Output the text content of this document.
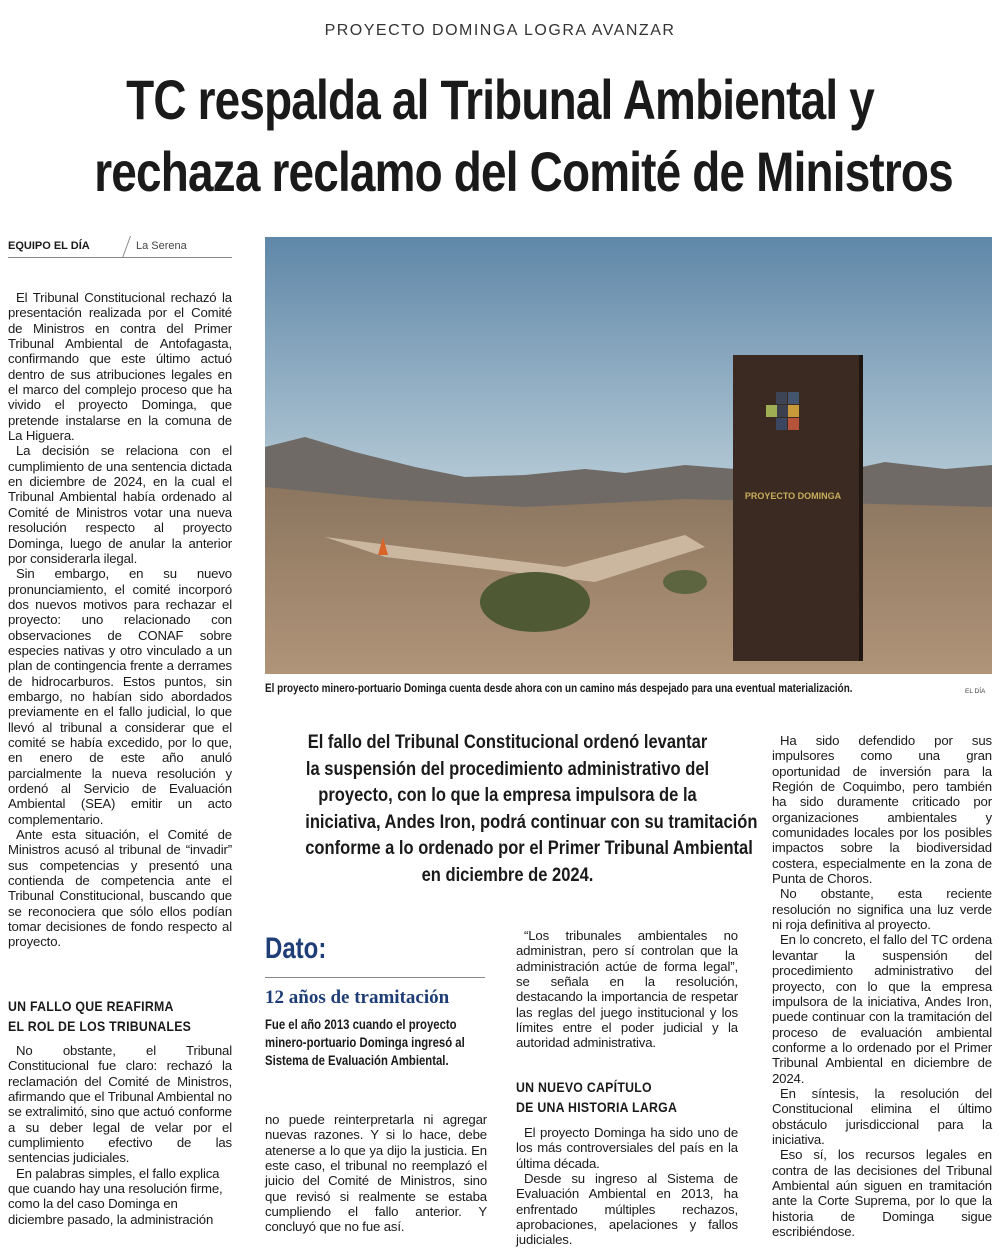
PROYECTO DOMINGA LOGRA AVANZAR
TC respalda al Tribunal Ambiental y
rechaza reclamo del Comité de Ministros
EQUIPO EL DÍA	La Serena

El Tribunal Constitucional rechazó la presentación realizada por el Comité de Ministros en contra del Primer Tribunal Ambiental de Antofagasta, confirmando que este último actuó dentro de sus atribuciones legales en el marco del complejo proceso que ha vivido el proyecto Dominga, que pretende instalarse en la comuna de La Higuera.

La decisión se relaciona con el cumplimiento de una sentencia dictada en diciembre de 2024, en la cual el Tribunal Ambiental había ordenado al Comité de Ministros votar una nueva resolución respecto al proyecto Dominga, luego de anular la anterior por considerarla ilegal.

Sin embargo, en su nuevo pronunciamiento, el comité incorporó dos nuevos motivos para rechazar el proyecto: uno relacionado con observaciones de CONAF sobre especies nativas y otro vinculado a un plan de contingencia frente a derrames de hidrocarburos. Estos puntos, sin embargo, no habían sido abordados previamente en el fallo judicial, lo que llevó al tribunal a considerar que el comité se había excedido, por lo que, en enero de este año anuló parcialmente la nueva resolución y ordenó al Servicio de Evaluación Ambiental (SEA) emitir un acto complementario.

Ante esta situación, el Comité de Ministros acusó al tribunal de “invadir” sus competencias y presentó una contienda de competencia ante el Tribunal Constitucional, buscando que se reconociera que sólo ellos podían tomar decisiones de fondo respecto al proyecto.

UN FALLO QUE REAFIRMA
EL ROL DE LOS TRIBUNALES

No obstante, el Tribunal Constitucional fue claro: rechazó la reclamación del Comité de Ministros, afirmando que el Tribunal Ambiental no se extralimitó, sino que actuó conforme a su deber legal de velar por el cumplimiento efectivo de las sentencias judiciales.

En palabras simples, el fallo explica que cuando hay una resolución firme, como la del caso Dominga en diciembre pasado, la administración

PROYECTO DOMINGA
El proyecto minero-portuario Dominga cuenta desde ahora con un camino más despejado para una eventual materialización.	EL DÍA
El fallo del Tribunal Constitucional ordenó levantar
la suspensión del procedimiento administrativo del
proyecto, con lo que la empresa impulsora de la
iniciativa, Andes Iron, podrá continuar con su tramitación
conforme a lo ordenado por el Primer Tribunal Ambiental
en diciembre de 2024.
Dato:
12 años de tramitación
Fue el año 2013 cuando el proyecto minero-portuario Dominga ingresó al Sistema de Evaluación Ambiental.

no puede reinterpretarla ni agregar nuevas razones. Y si lo hace, debe atenerse a lo que ya dijo la justicia. En este caso, el tribunal no reemplazó el juicio del Comité de Ministros, sino que revisó si realmente se estaba cumpliendo el fallo anterior. Y concluyó que no fue así.

“Los tribunales ambientales no administran, pero sí controlan que la administración actúe de forma legal”, se señala en la resolución, destacando la importancia de respetar las reglas del juego institucional y los límites entre el poder judicial y la autoridad administrativa.

UN NUEVO CAPÍTULO
DE UNA HISTORIA LARGA

El proyecto Dominga ha sido uno de los más controversiales del país en la última década.

Desde su ingreso al Sistema de Evaluación Ambiental en 2013, ha enfrentado múltiples rechazos, aprobaciones, apelaciones y fallos judiciales.

Ha sido defendido por sus impulsores como una gran oportunidad de inversión para la Región de Coquimbo, pero también ha sido duramente criticado por organizaciones ambientales y comunidades locales por los posibles impactos sobre la biodiversidad costera, especialmente en la zona de Punta de Choros.

No obstante, esta reciente resolución no significa una luz verde ni roja definitiva al proyecto.

En lo concreto, el fallo del TC ordena levantar la suspensión del procedimiento administrativo del proyecto, con lo que la empresa impulsora de la iniciativa, Andes Iron, puede continuar con la tramitación del proceso de evaluación ambiental conforme a lo ordenado por el Primer Tribunal Ambiental en diciembre de 2024.

En síntesis, la resolución del Constitucional elimina el último obstáculo jurisdiccional para la iniciativa.

Eso sí, los recursos legales en contra de las decisiones del Tribunal Ambiental aún siguen en tramitación ante la Corte Suprema, por lo que la historia de Dominga sigue escribiéndose.
